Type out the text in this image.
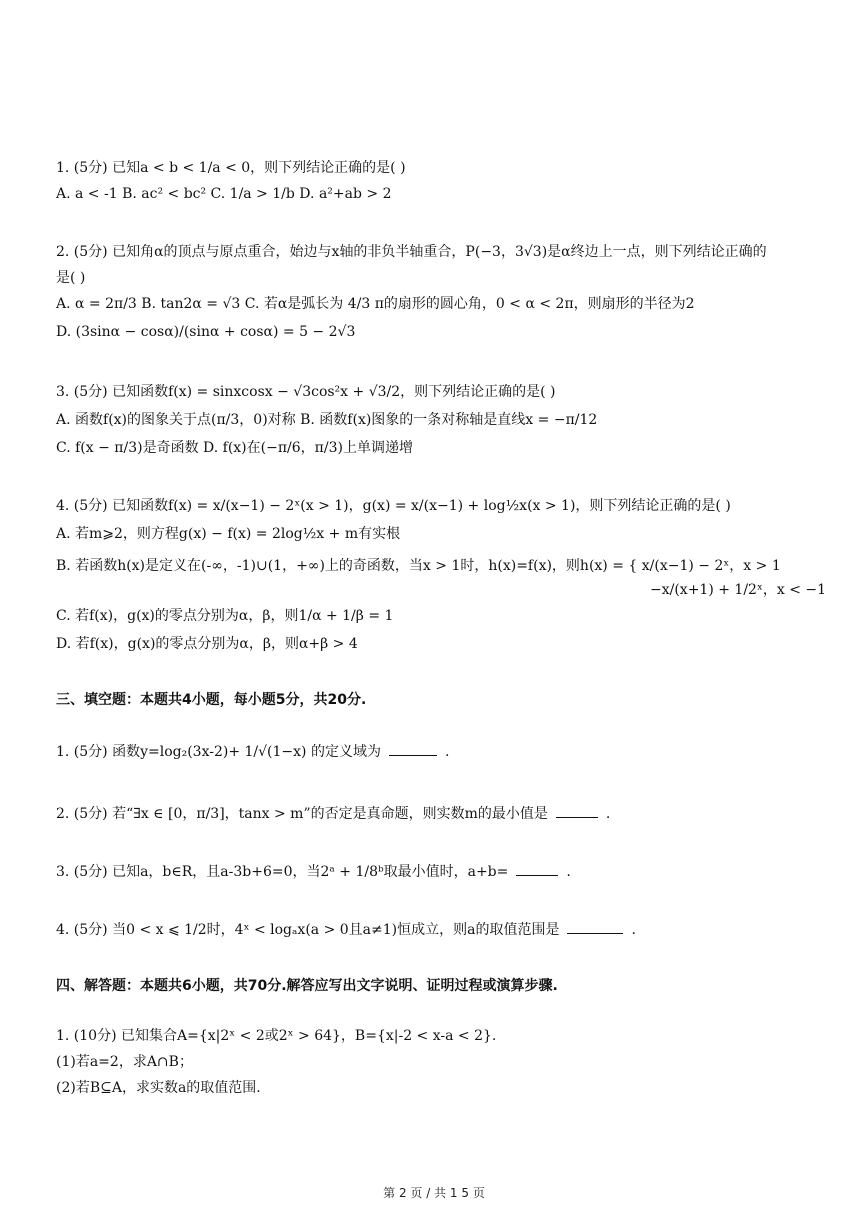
1. (5分) 已知a < b < 1/a < 0，则下列结论正确的是( )
A. a < -1 B. ac² < bc² C. 1/a > 1/b D. a²+ab > 2
2. (5分) 已知角α的顶点与原点重合，始边与x轴的非负半轴重合，P(−3，3√3)是α终边上一点，则下列结论正确的
是( )
A. α = 2π/3 B. tan2α = √3 C. 若α是弧长为 4/3 π的扇形的圆心角，0 < α < 2π，则扇形的半径为2
D. (3sinα − cosα)/(sinα + cosα) = 5 − 2√3
3. (5分) 已知函数f(x) = sinxcosx − √3cos²x + √3/2，则下列结论正确的是( )
A. 函数f(x)的图象关于点(π/3，0)对称 B. 函数f(x)图象的一条对称轴是直线x = −π/12
C. f(x − π/3)是奇函数 D. f(x)在(−π/6，π/3)上单调递增
4. (5分) 已知函数f(x) = x/(x−1) − 2ˣ(x > 1)，g(x) = x/(x−1) + log½x(x > 1)，则下列结论正确的是( )
A. 若m⩾2，则方程g(x) − f(x) = 2log½x + m有实根
B. 若函数h(x)是定义在(-∞，-1)∪(1，+∞)上的奇函数，当x > 1时，h(x)=f(x)，则h(x) = { x/(x−1) − 2ˣ，x > 1
−x/(x+1) + 1/2ˣ，x < −1
C. 若f(x)，g(x)的零点分别为α，β，则1/α + 1/β = 1
D. 若f(x)，g(x)的零点分别为α，β，则α+β > 4
三、填空题：本题共4小题，每小题5分，共20分.
1. (5分) 函数y=log₂(3x-2)+ 1/√(1−x) 的定义域为	.
2. (5分) 若“∃x ∈ [0，π/3]，tanx > m”的否定是真命题，则实数m的最小值是	.
3. (5分) 已知a，b∈R，且a-3b+6=0，当2ᵃ + 1/8ᵇ取最小值时，a+b=	.
4. (5分) 当0 < x ⩽ 1/2时，4ˣ < logₐx(a > 0且a≠1)恒成立，则a的取值范围是	.
四、解答题：本题共6小题，共70分.解答应写出文字说明、证明过程或演算步骤.
1. (10分) 已知集合A={x|2ˣ < 2或2ˣ > 64}，B={x|-2 < x-a < 2}.
(1)若a=2，求A∩B；
(2)若B⊆A，求实数a的取值范围.
第 2 页 / 共 1 5 页
